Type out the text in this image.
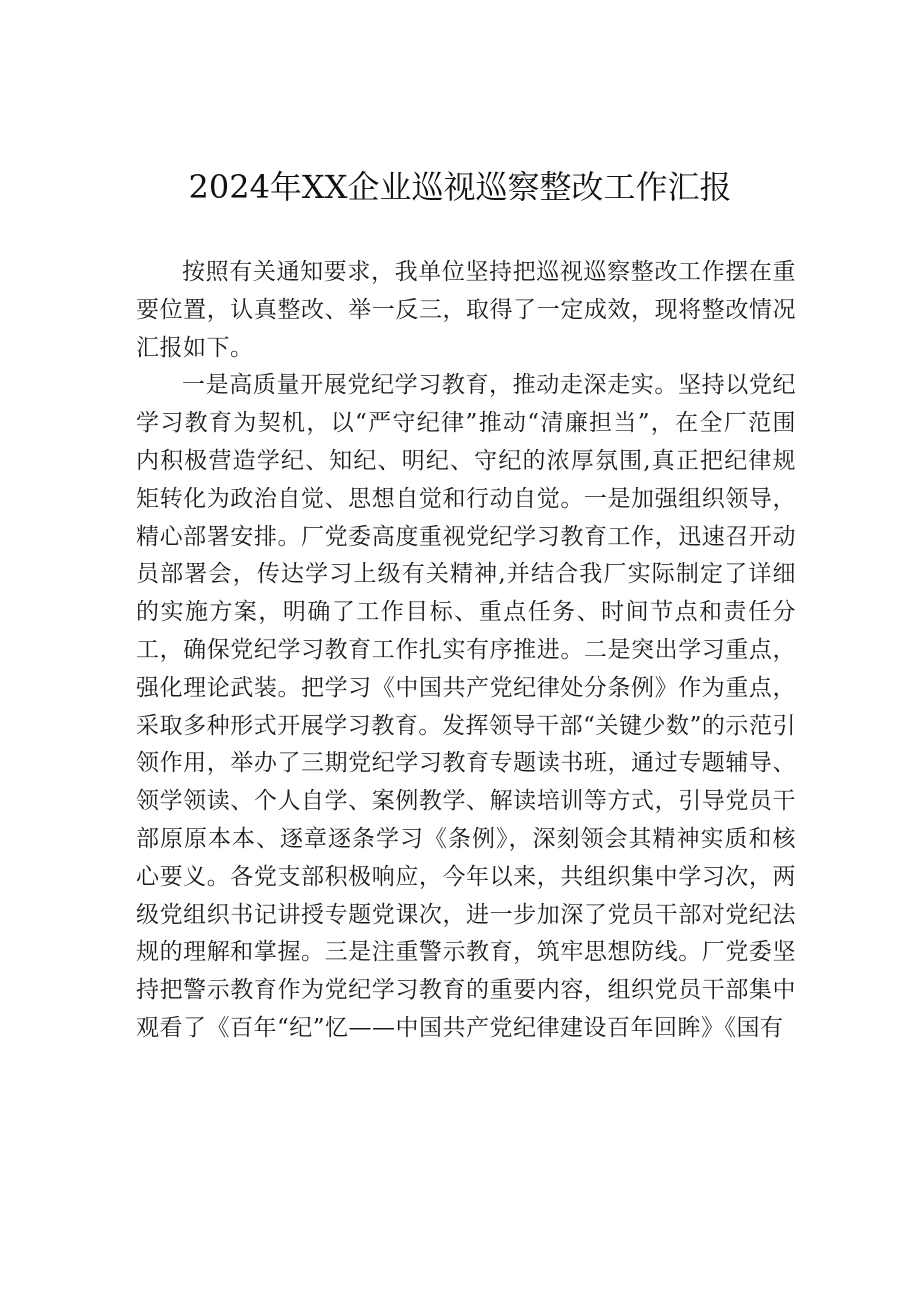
2024年XX企业巡视巡察整改工作汇报

按照有关通知要求，我单位坚持把巡视巡察整改工作摆在重要位置，认真整改、举一反三，取得了一定成效，现将整改情况汇报如下。

一是高质量开展党纪学习教育，推动走深走实。坚持以党纪学习教育为契机，以“严守纪律”推动“清廉担当”，在全厂范围内积极营造学纪、知纪、明纪、守纪的浓厚氛围,真正把纪律规矩转化为政治自觉、思想自觉和行动自觉。一是加强组织领导，精心部署安排。厂党委高度重视党纪学习教育工作，迅速召开动员部署会，传达学习上级有关精神,并结合我厂实际制定了详细的实施方案，明确了工作目标、重点任务、时间节点和责任分工，确保党纪学习教育工作扎实有序推进。二是突出学习重点，强化理论武装。把学习《中国共产党纪律处分条例》作为重点，采取多种形式开展学习教育。发挥领导干部“关键少数”的示范引领作用，举办了三期党纪学习教育专题读书班，通过专题辅导、领学领读、个人自学、案例教学、解读培训等方式，引导党员干部原原本本、逐章逐条学习《条例》，深刻领会其精神实质和核心要义。各党支部积极响应，今年以来，共组织集中学习次，两级党组织书记讲授专题党课次，进一步加深了党员干部对党纪法规的理解和掌握。三是注重警示教育，筑牢思想防线。厂党委坚持把警示教育作为党纪学习教育的重要内容，组织党员干部集中观看了《百年“纪”忆——中国共产党纪律建设百年回眸》《国有
